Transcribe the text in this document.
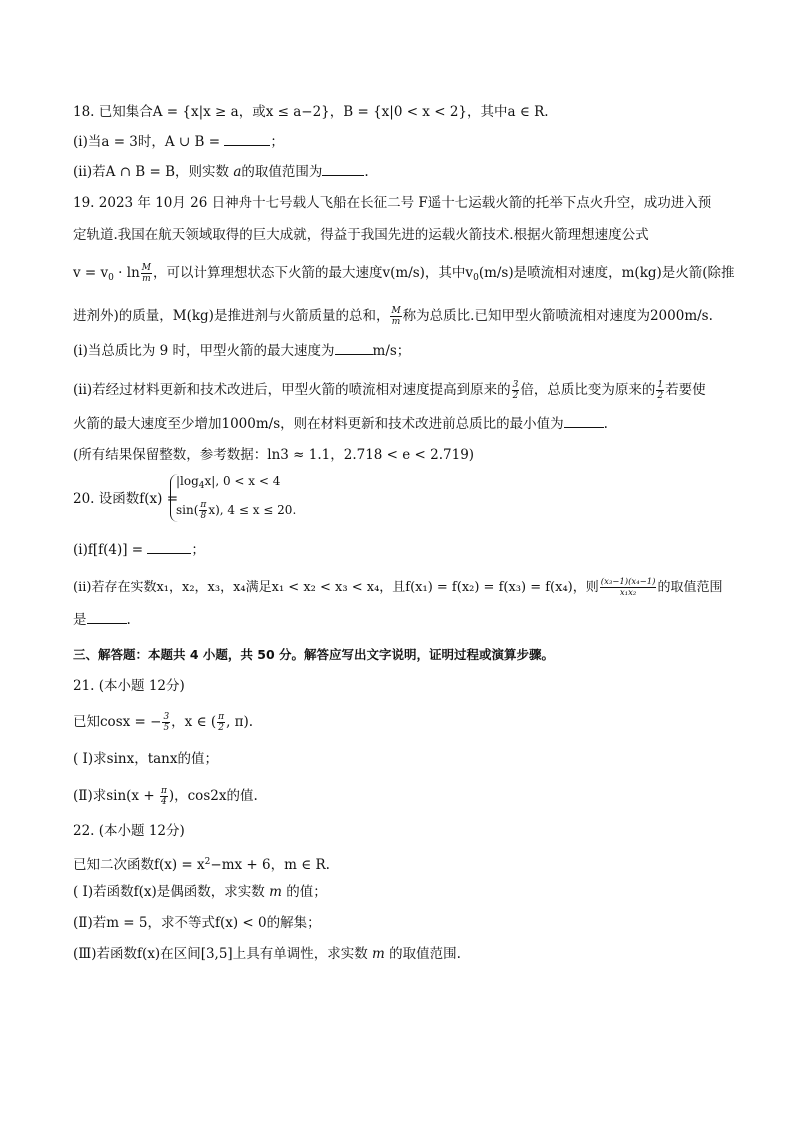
18. 已知集合A = {x|x ≥ a，或x ≤ a−2}，B = {x|0 < x < 2}，其中a ∈ R.
(i)当a = 3时，A ∪ B =	；
(ii)若A ∩ B = B，则实数 a的取值范围为	.
19. 2023 年 10月 26 日神舟十七号载人飞船在长征二号 F遥十七运载火箭的托举下点火升空，成功进入预
定轨道.我国在航天领域取得的巨大成就，得益于我国先进的运载火箭技术.根据火箭理想速度公式
$v = v_0 \cdot \ln \frac{M}{m}$ ，可以计算理想状态下火箭的最大速度v(m/s)，其中$v_0(m/s)$是喷流相对速度，m(kg)是火箭(除推
进剂外)的质量，M(kg)是推进剂与火箭质量的总和， $\frac{M}{m}$ 称为总质比.已知甲型火箭喷流相对速度为2000m/s.
(i)当总质比为 9 时，甲型火箭的最大速度为	m/s；
(ii)若经过材料更新和技术改进后，甲型火箭的喷流相对速度提高到原来的 $\frac{3}{2}$ 倍，总质比变为原来的 $\frac{1}{2}$ 若要使
火箭的最大速度至少增加1000m/s，则在材料更新和技术改进前总质比的最小值为	.
(所有结果保留整数，参考数据：ln3 ≈ 1.1，2.718 < e < 2.719)
20. 设函数f(x) =
$|\log_4x|$, 0 < x < 4
$\sin( \frac{\pi}{8} x)$, 4 ≤ x ≤ 20.
(i)f[f(4)] =	；
(ii)若存在实数x₁，x₂，x₃，x₄满足x₁ < x₂ < x₃ < x₄，且f(x₁) = f(x₂) = f(x₃) = f(x₄)，则 $\frac{\text{(x₃−1)(x₄−1)}}{\text{x₁x₂}}$ 的取值范围
是	.
三、解答题：本题共 4 小题，共 50 分。解答应写出文字说明，证明过程或演算步骤。
21. (本小题 12分)
已知cosx = − $\frac{3}{5}$ ，x ∈ ( $\frac{\pi}{2}$ , π).
( Ⅰ)求sinx，tanx的值；
(Ⅱ)求$\sin(x + \frac{\pi}{4}$ )，cos2x的值.
22. (本小题 12分)
已知二次函数$f(x) = x^2-mx + 6$，m ∈ R.
( Ⅰ)若函数f(x)是偶函数，求实数 m 的值；
(Ⅱ)若m = 5，求不等式f(x) < 0的解集；
(Ⅲ)若函数f(x)在区间[3,5]上具有单调性，求实数 m 的取值范围.
